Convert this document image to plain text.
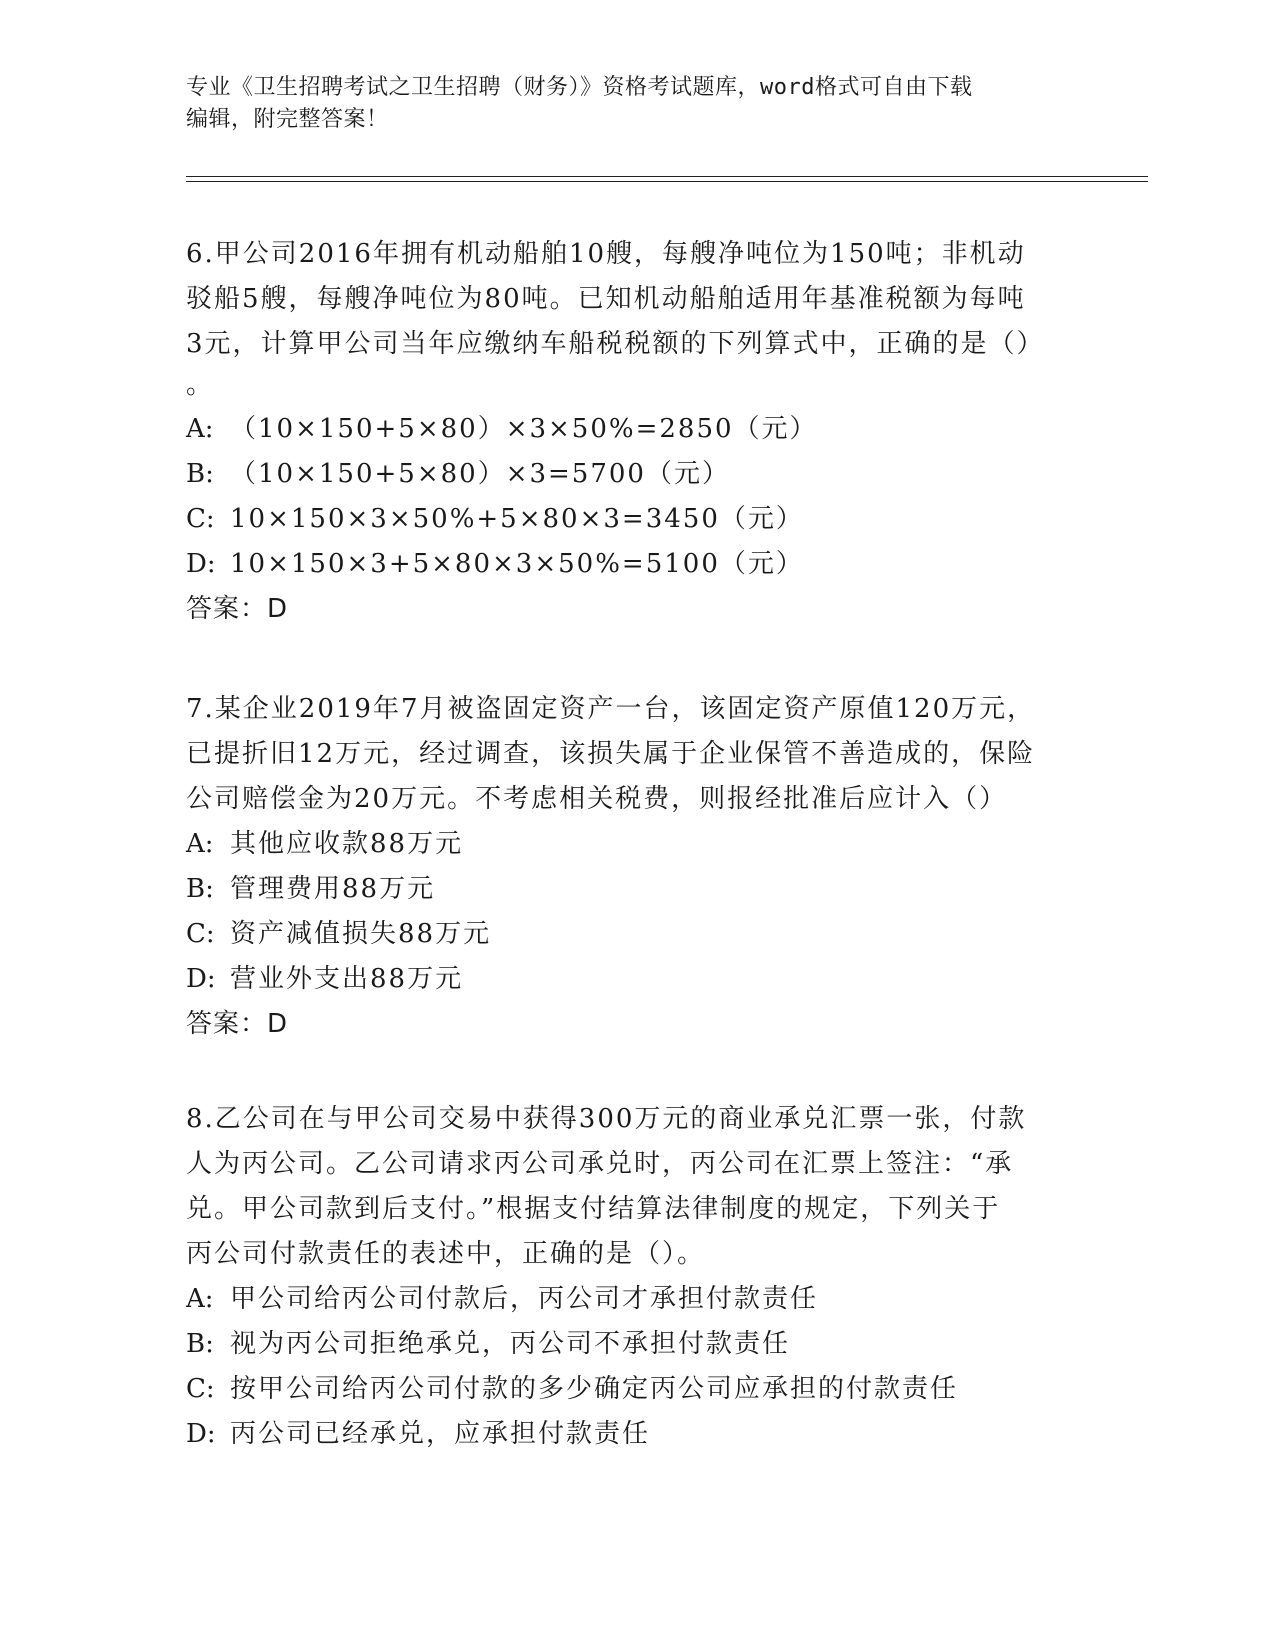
专业《卫生招聘考试之卫生招聘（财务）》资格考试题库，word格式可自由下载
编辑，附完整答案！
6.甲公司2016年拥有机动船舶10艘，每艘净吨位为150吨；非机动
驳船5艘，每艘净吨位为80吨。已知机动船舶适用年基准税额为每吨
3元，计算甲公司当年应缴纳车船税税额的下列算式中，正确的是（）
。
A: （10×150+5×80）×3×50%=2850（元）
B: （10×150+5×80）×3=5700（元）
C: 10×150×3×50%+5×80×3=3450（元）
D: 10×150×3+5×80×3×50%=5100（元）
答案：D
7.某企业2019年7月被盗固定资产一台，该固定资产原值120万元，
已提折旧12万元，经过调查，该损失属于企业保管不善造成的，保险
公司赔偿金为20万元。不考虑相关税费，则报经批准后应计入（）
A: 其他应收款88万元
B: 管理费用88万元
C: 资产减值损失88万元
D: 营业外支出88万元
答案：D
8.乙公司在与甲公司交易中获得300万元的商业承兑汇票一张，付款
人为丙公司。乙公司请求丙公司承兑时，丙公司在汇票上签注：“承
兑。甲公司款到后支付。”根据支付结算法律制度的规定，下列关于
丙公司付款责任的表述中，正确的是（）。
A: 甲公司给丙公司付款后，丙公司才承担付款责任
B: 视为丙公司拒绝承兑，丙公司不承担付款责任
C: 按甲公司给丙公司付款的多少确定丙公司应承担的付款责任
D: 丙公司已经承兑，应承担付款责任
